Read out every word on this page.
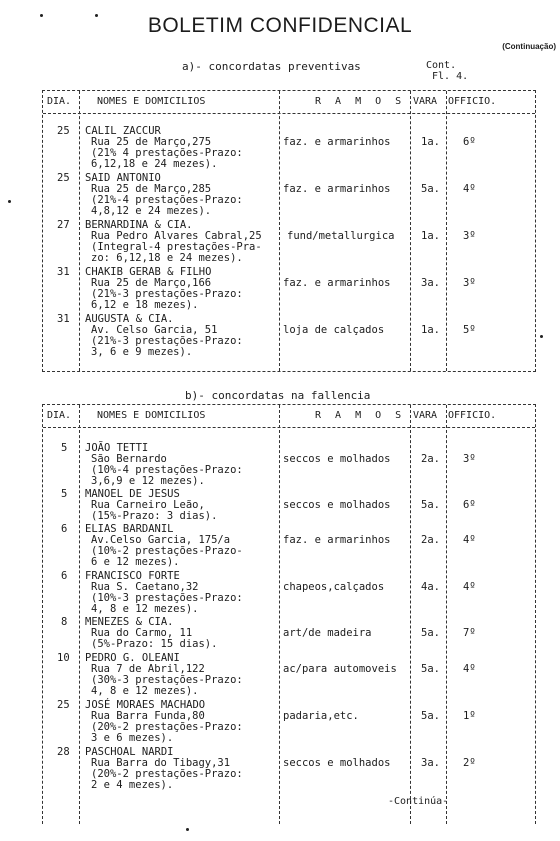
BOLETIM CONFIDENCIAL
(Continuação)
a)- concordatas preventivas	Cont.
Fl. 4.
DIA.	NOMES E DOMICILIOS	R A M O S VARA OFFICIO.
25 CALIL ZACCUR
Rua 25 de Março,275
(21% 4 prestações-Prazo:
6,12,18 e 24 mezes).
faz. e armarinhos	1a. 6º
25 SAID ANTONIO
Rua 25 de Março,285
(21%-4 prestações-Prazo:
4,8,12 e 24 mezes).
faz. e armarinhos	5a. 4º
27 BERNARDINA & CIA.
Rua Pedro Alvares Cabral,25
(Integral-4 prestações-Pra-
zo: 6,12,18 e 24 mezes).
fund/metallurgica	1a. 3º
31 CHAKIB GERAB & FILHO
Rua 25 de Março,166
(21%-3 prestações-Prazo:
6,12 e 18 mezes).
faz. e armarinhos	3a. 3º
31 AUGUSTA & CIA.
Av. Celso Garcia, 51
(21%-3 prestações-Prazo:
3, 6 e 9 mezes).
loja de calçados	1a. 5º
b)- concordatas na fallencia
DIA.	NOMES E DOMICILIOS	R A M O S VARA OFFICIO.
5 JOÃO TETTI
São Bernardo
(10%-4 prestações-Prazo:
3,6,9 e 12 mezes).
seccos e molhados	2a. 3º
5 MANOEL DE JESUS
Rua Carneiro Leão,
(15%-Prazo: 3 dias).
seccos e molhados	5a. 6º
6 ELIAS BARDANIL
Av.Celso Garcia, 175/a
(10%-2 prestações-Prazo-
6 e 12 mezes).
faz. e armarinhos	2a. 4º
6 FRANCISCO FORTE
Rua S. Caetano,32
(10%-3 prestações-Prazo:
4, 8 e 12 mezes).
chapeos,calçados	4a. 4º
8 MENEZES & CIA.
Rua do Carmo, 11
(5%-Prazo: 15 dias).
art/de madeira	5a. 7º
10 PEDRO G. OLEANI
Rua 7 de Abril,122
(30%-3 prestações-Prazo:
4, 8 e 12 mezes).
ac/para automoveis 5a. 4º
25 JOSÉ MORAES MACHADO
Rua Barra Funda,80
(20%-2 prestações-Prazo:
3 e 6 mezes).
padaria,etc.	5a. 1º
28 PASCHOAL NARDI
Rua Barra do Tibagy,31
(20%-2 prestações-Prazo:
2 e 4 mezes).
seccos e molhados	3a. 2º
-Continúa-
